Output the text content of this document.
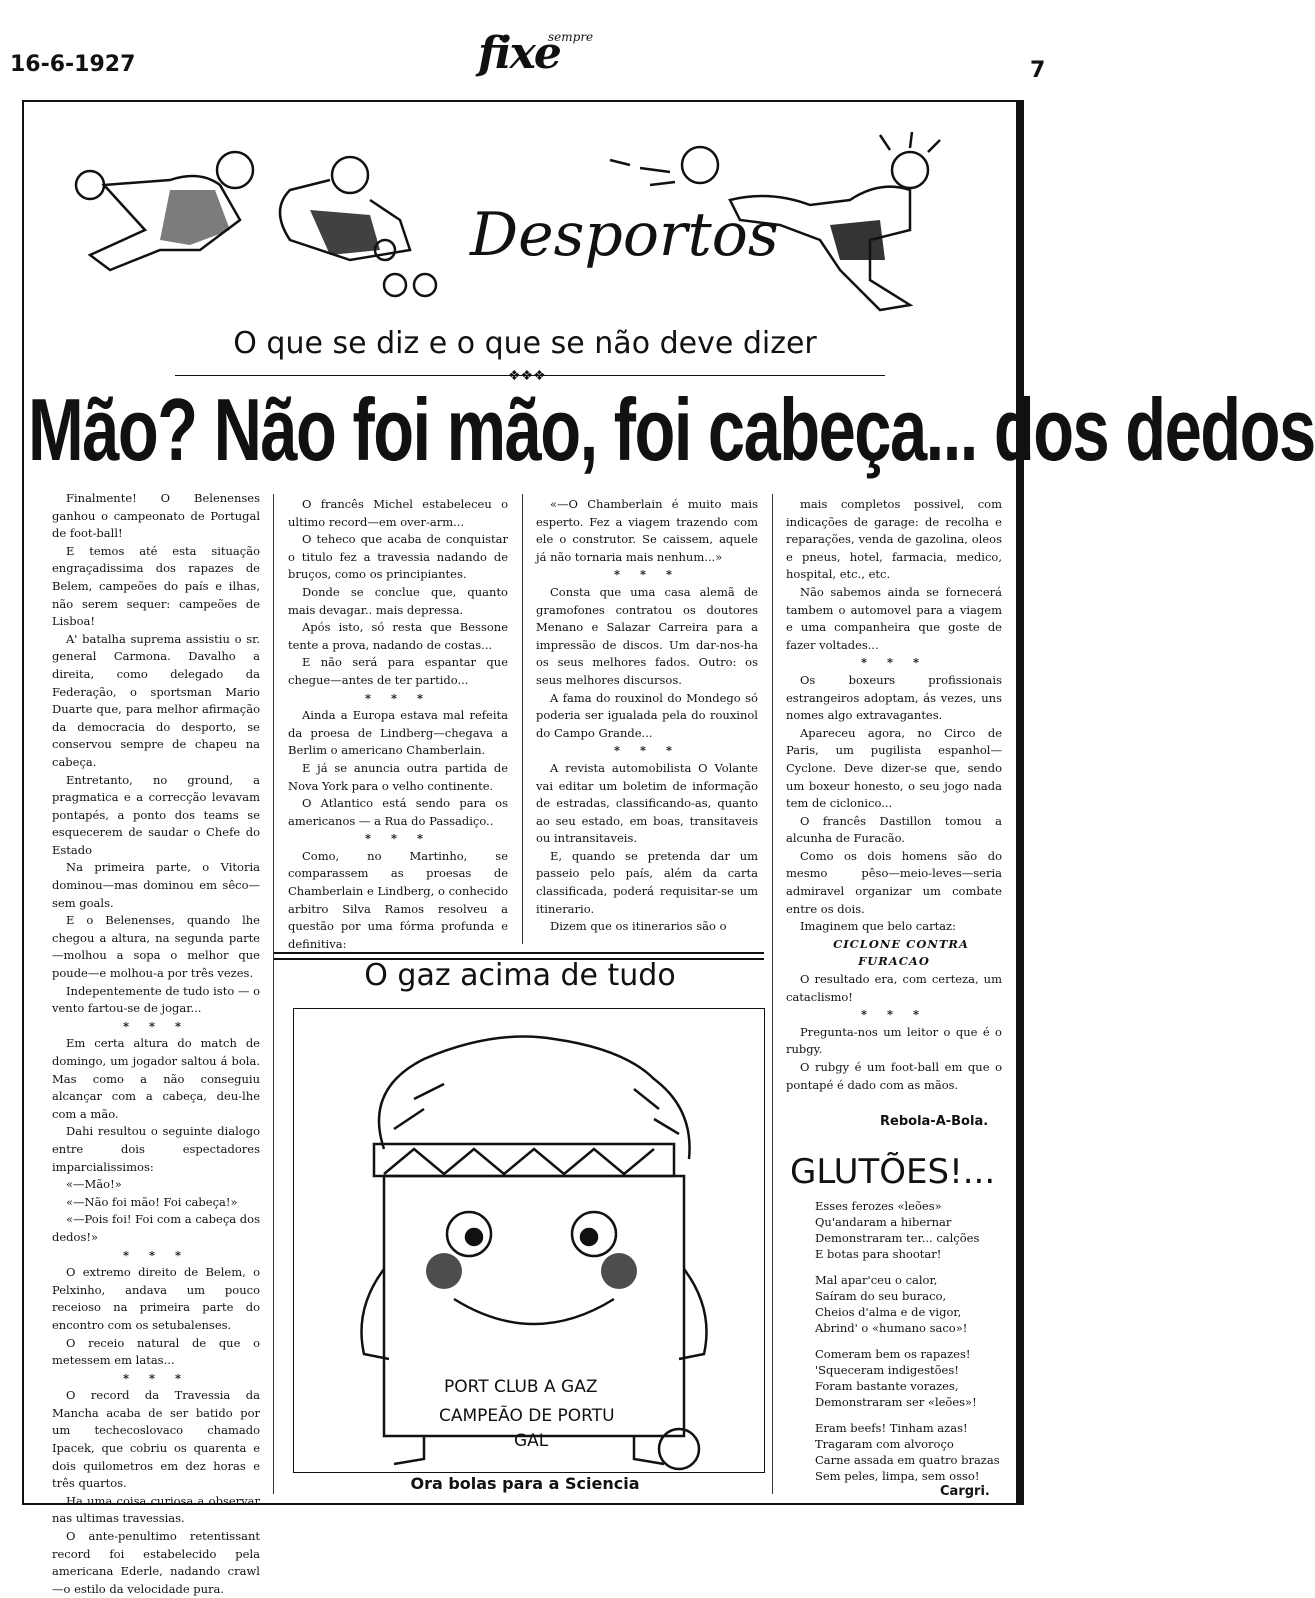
16-6-1927
sempre
fixe	7
Desportos
O que se diz e o que se não deve dizer
❖❖❖
Mão? Não foi mão, foi cabeça... dos dedos

Finalmente! O Belenenses ganhou o campeonato de Portugal de foot-ball!

E temos até esta situação engraçadissima dos rapazes de Belem, campeões do país e ilhas, não serem sequer: campeões de Lisboa!

A' batalha suprema assistiu o sr. general Carmona. Davalho a direita, como delegado da Federação, o sportsman Mario Duarte que, para melhor afirmação da democracia do desporto, se conservou sempre de chapeu na cabeça.

Entretanto, no ground, a pragmatica e a correcção levavam pontapés, a ponto dos teams se esquecerem de saudar o Chefe do Estado

Na primeira parte, o Vitoria dominou—mas dominou em sêco—sem goals.

E o Belenenses, quando lhe chegou a altura, na segunda parte—molhou a sopa o melhor que poude—e molhou-a por três vezes.

Indepentemente de tudo isto — o vento fartou-se de jogar...

* * *

Em certa altura do match de domingo, um jogador saltou á bola. Mas como a não conseguiu alcançar com a cabeça, deu-lhe com a mão.

Dahi resultou o seguinte dialogo entre dois espectadores imparcialissimos:

«—Mão!»

«—Não foi mão! Foi cabeça!»

«—Pois foi! Foi com a cabeça dos dedos!»

* * *

O extremo direito de Belem, o Pelxinho, andava um pouco receioso na primeira parte do encontro com os setubalenses.

O receio natural de que o metessem em latas...

* * *

O record da Travessia da Mancha acaba de ser batido por um techecoslovaco chamado Ipacek, que cobriu os quarenta e dois quilometros em dez horas e três quartos.

Ha uma coisa curiosa a observar nas ultimas travessias.

O ante-penultimo retentissant record foi estabelecido pela americana Ederle, nadando crawl—o estilo da velocidade pura.

O francês Michel estabeleceu o ultimo record—em over-arm...

O teheco que acaba de conquistar o titulo fez a travessia nadando de bruços, como os principiantes.

Donde se conclue que, quanto mais devagar.. mais depressa.

Após isto, só resta que Bessone tente a prova, nadando de costas...

E não será para espantar que chegue—antes de ter partido...

* * *

Ainda a Europa estava mal refeita da proesa de Lindberg—chegava a Berlim o americano Chamberlain.

E já se anuncia outra partida de Nova York para o velho continente.

O Atlantico está sendo para os americanos — a Rua do Passadiço..

* * *

Como, no Martinho, se comparassem as proesas de Chamberlain e Lindberg, o conhecido arbitro Silva Ramos resolveu a questão por uma fórma profunda e definitiva:

«—O Chamberlain é muito mais esperto. Fez a viagem trazendo com ele o construtor. Se caissem, aquele já não tornaria mais nenhum...»

* * *

Consta que uma casa alemã de gramofones contratou os doutores Menano e Salazar Carreira para a impressão de discos. Um dar-nos-ha os seus melhores fados. Outro: os seus melhores discursos.

A fama do rouxinol do Mondego só poderia ser igualada pela do rouxinol do Campo Grande...

* * *

A revista automobilista O Volante vai editar um boletim de informação de estradas, classificando-as, quanto ao seu estado, em boas, transitaveis ou intransitaveis.

E, quando se pretenda dar um passeio pelo país, além da carta classificada, poderá requisitar-se um itinerario.

Dizem que os itinerarios são o

mais completos possivel, com indicações de garage: de recolha e reparações, venda de gazolina, oleos e pneus, hotel, farmacia, medico, hospital, etc., etc.

Não sabemos ainda se fornecerá tambem o automovel para a viagem e uma companheira que goste de fazer voltades...

* * *

Os boxeurs profissionais estrangeiros adoptam, ás vezes, uns nomes algo extravagantes.

Apareceu agora, no Circo de Paris, um pugilista espanhol—Cyclone. Deve dizer-se que, sendo um boxeur honesto, o seu jogo nada tem de ciclonico...

O francês Dastillon tomou a alcunha de Furacão.

Como os dois homens são do mesmo pêso—meio-leves—seria admiravel organizar um combate entre os dois.

Imaginem que belo cartaz:

CICLONE CONTRA FURACAO

O resultado era, com certeza, um cataclismo!

* * *

Pregunta-nos um leitor o que é o rubgy.

O rubgy é um foot-ball em que o pontapé é dado com as mãos.

O gaz acima de tudo
PORT CLUB A GAZ
CAMPEÃO DE PORTU
GAL
Ora bolas para a Sciencia
Rebola-A-Bola.
GLUTÕES!...

Esses ferozes «leões»
Qu'andaram a hibernar
Demonstraram ter... calções
E botas para shootar!

Mal apar'ceu o calor,
Saíram do seu buraco,
Cheios d'alma e de vigor,
Abrind' o «humano saco»!

Comeram bem os rapazes!
'Squeceram indigestões!
Foram bastante vorazes,
Demonstraram ser «leões»!

Eram beefs! Tinham azas!
Tragaram com alvoroço
Carne assada em quatro brazas
Sem peles, limpa, sem osso!

Cargri.
